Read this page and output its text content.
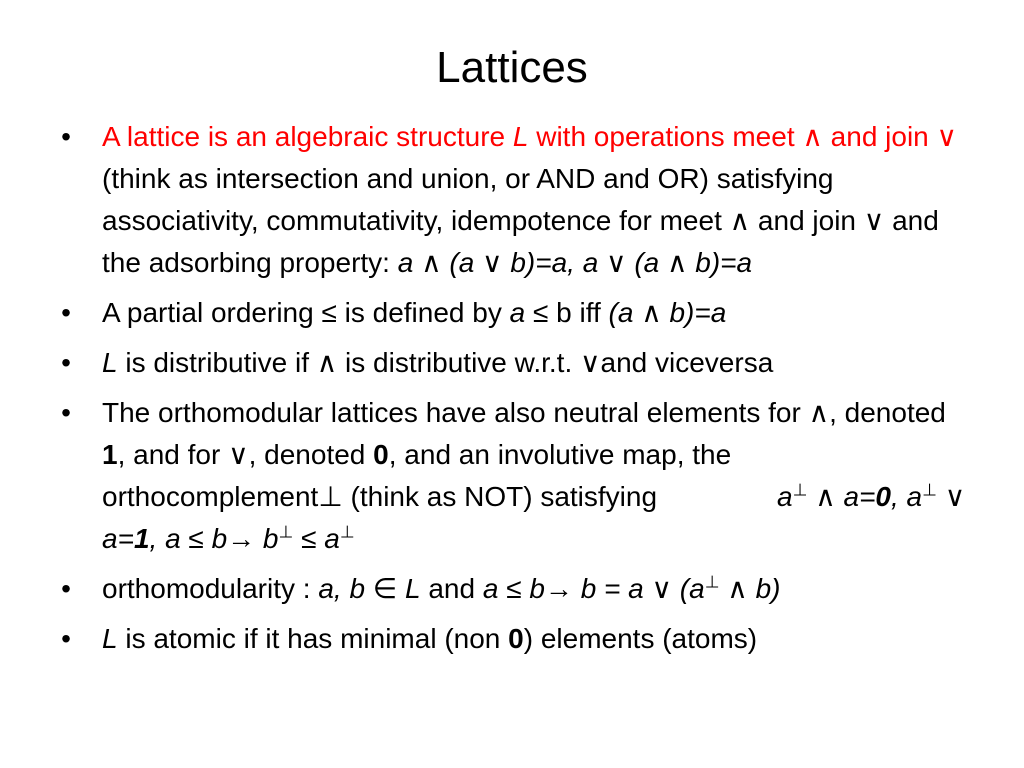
Lattices
• A lattice is an algebraic structure L with operations meet ∧ and join ∨ (think as intersection and union, or AND and OR) satisfying associativity, commutativity, idempotence for meet ∧ and join ∨ and the adsorbing property: a ∧ (a ∨ b)=a, a ∨ (a ∧ b)=a
• A partial ordering ≤ is defined by a ≤ b iff (a ∧ b)=a
• L is distributive if ∧ is distributive w.r.t. ∨and viceversa
• The orthomodular lattices have also neutral elements for ∧, denoted 1, and for ∨, denoted 0, and an involutive map, the orthocomplement⊥ (think as NOT) satisfying	a⊥ ∧ a=0, a⊥ ∨ a=1, a ≤ b→ b⊥ ≤ a⊥
• orthomodularity : a, b ∈ L and a ≤ b→ b = a ∨ (a⊥ ∧ b)
• L is atomic if it has minimal (non 0) elements (atoms)
